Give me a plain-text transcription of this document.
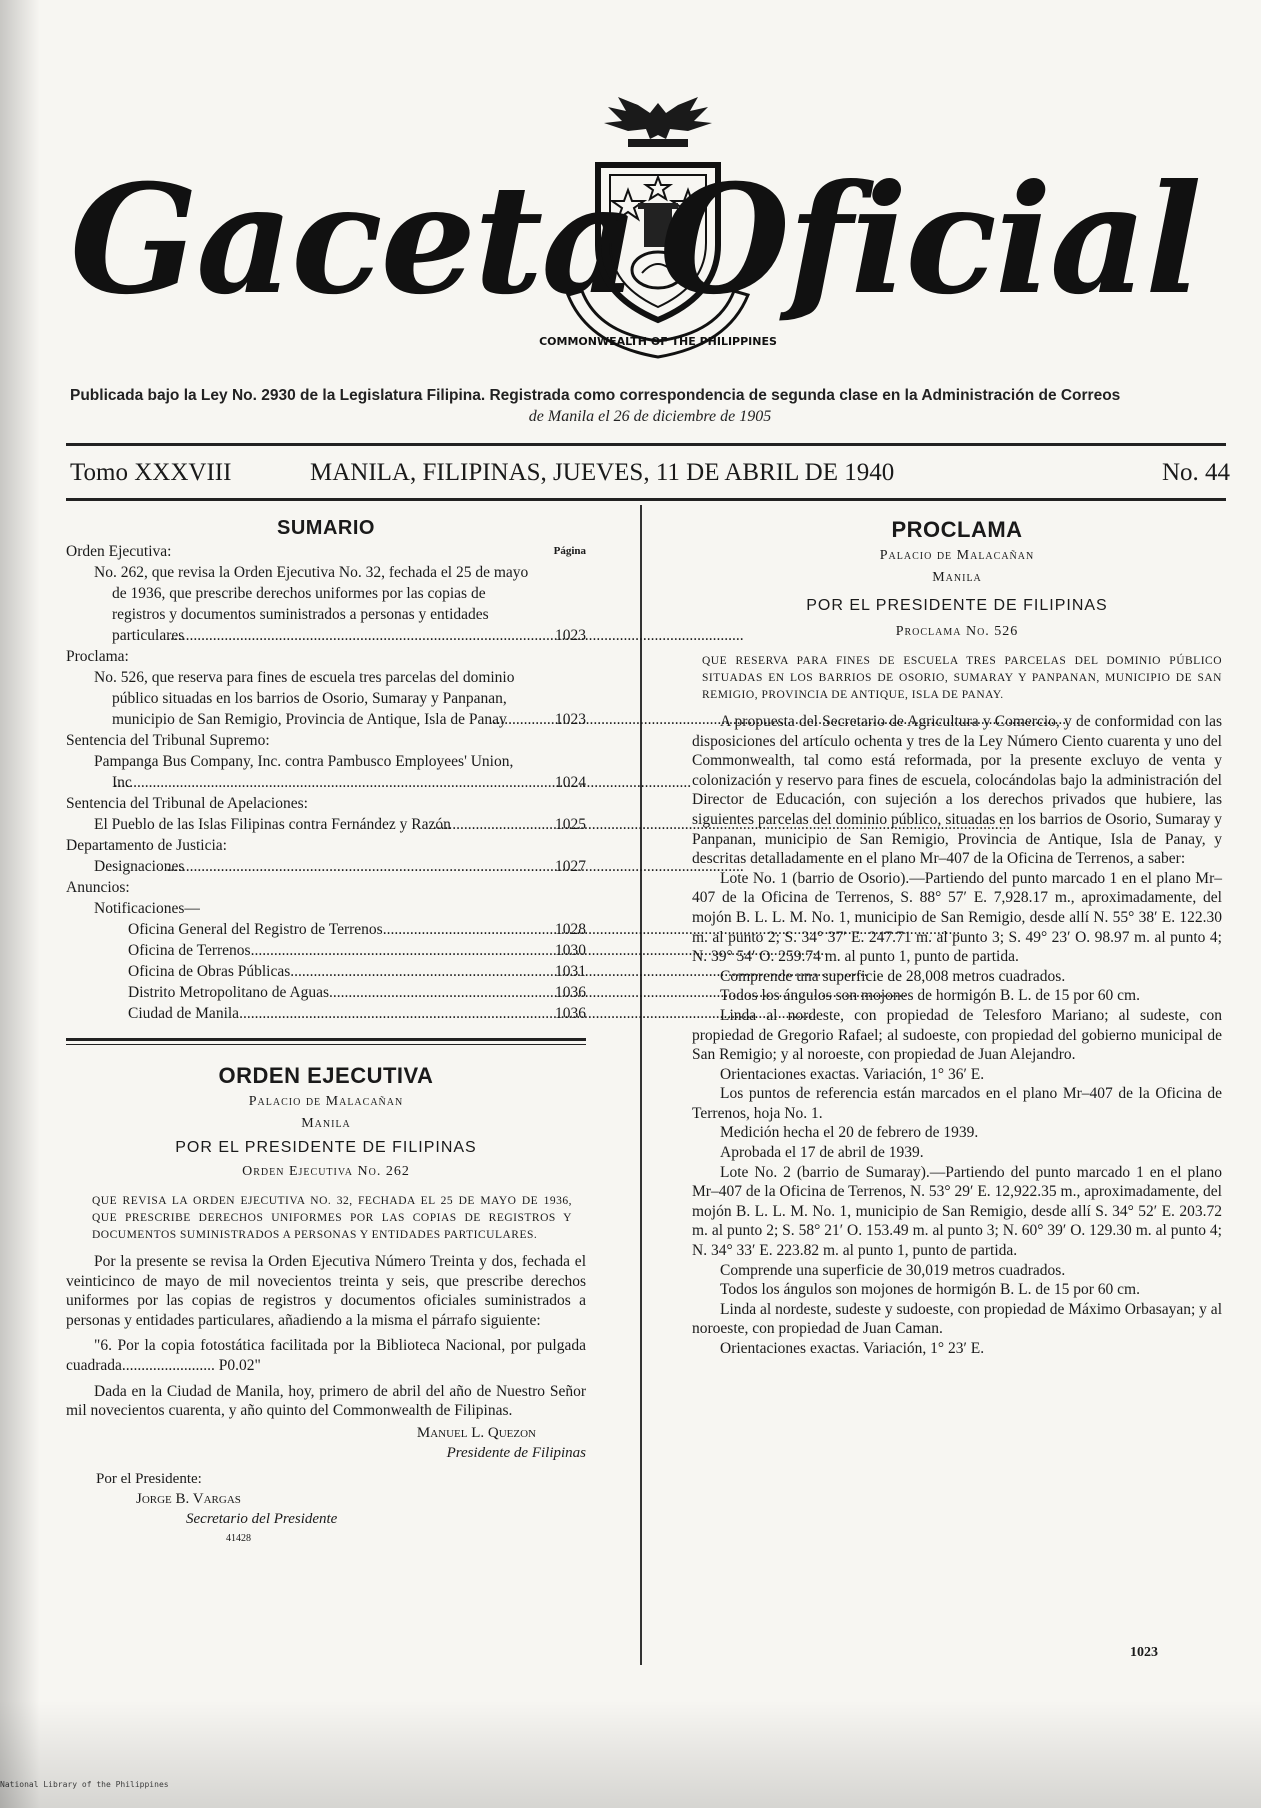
Gaceta
COMMONWEALTH OF THE PHILIPPINES
Oficial
Publicada bajo la Ley No. 2930 de la Legislatura Filipina. Registrada como correspondencia de segunda clase en la Administración de Correos
de Manila el 26 de diciembre de 1905
Tomo XXXVIII	MANILA, FILIPINAS, JUEVES, 11 DE ABRIL DE 1940	No. 44
SUMARIO
Orden Ejecutiva:	Página
No. 262, que revisa la Orden Ejecutiva No. 32, fechada el 25 de mayo de 1936, que prescribe derechos uniformes por las copias de registros y documentos suministrados a personas y entidades particulares .....	1023
Proclama:
No. 526, que reserva para fines de escuela tres parcelas del dominio público situadas en los barrios de Osorio, Sumaray y Panpanan, municipio de San Remigio, Provincia de Antique, Isla de Panay .....	1023
Sentencia del Tribunal Supremo:
Pampanga Bus Company, Inc. contra Pambusco Employees' Union, Inc .....	1024
Sentencia del Tribunal de Apelaciones:
El Pueblo de las Islas Filipinas contra Fernández y Razón .....	1025
Departamento de Justicia:
Designaciones .....	1027
Anuncios:
Notificaciones—
Oficina General del Registro de Terrenos .....	1028
Oficina de Terrenos .....	1030
Oficina de Obras Públicas .....	1031
Distrito Metropolitano de Aguas .....	1036
Ciudad de Manila .....	1036
ORDEN EJECUTIVA
Palacio de Malacañan
Manila
POR EL PRESIDENTE DE FILIPINAS
Orden Ejecutiva No. 262
QUE REVISA LA ORDEN EJECUTIVA NO. 32, FECHADA EL 25 DE MAYO DE 1936, QUE PRESCRIBE DERECHOS UNIFORMES POR LAS COPIAS DE REGISTROS Y DOCUMENTOS SUMINISTRADOS A PERSONAS Y ENTIDADES PARTICULARES.

Por la presente se revisa la Orden Ejecutiva Número Treinta y dos, fechada el veinticinco de mayo de mil novecientos treinta y seis, que prescribe derechos uniformes por las copias de registros y documentos oficiales suministrados a personas y entidades particulares, añadiendo a la misma el párrafo siguiente:

"6. Por la copia fotostática facilitada por la Biblioteca Nacional, por pulgada cuadrada........................ P0.02"

Dada en la Ciudad de Manila, hoy, primero de abril del año de Nuestro Señor mil novecientos cuarenta, y año quinto del Commonwealth de Filipinas.

Manuel L. Quezon
Presidente de Filipinas
Por el Presidente:
Jorge B. Vargas
Secretario del Presidente
41428
PROCLAMA
Palacio de Malacañan
Manila
POR EL PRESIDENTE DE FILIPINAS
Proclama No. 526
QUE RESERVA PARA FINES DE ESCUELA TRES PARCELAS DEL DOMINIO PÚBLICO SITUADAS EN LOS BARRIOS DE OSORIO, SUMARAY Y PANPANAN, MUNICIPIO DE SAN REMIGIO, PROVINCIA DE ANTIQUE, ISLA DE PANAY.

A propuesta del Secretario de Agricultura y Comercio, y de conformidad con las disposiciones del artículo ochenta y tres de la Ley Número Ciento cuarenta y uno del Commonwealth, tal como está reformada, por la presente excluyo de venta y colonización y reservo para fines de escuela, colocándolas bajo la administración del Director de Educación, con sujeción a los derechos privados que hubiere, las siguientes parcelas del dominio público, situadas en los barrios de Osorio, Sumaray y Panpanan, municipio de San Remigio, Provincia de Antique, Isla de Panay, y descritas detalladamente en el plano Mr–407 de la Oficina de Terrenos, a saber:

Lote No. 1 (barrio de Osorio).—Partiendo del punto marcado 1 en el plano Mr–407 de la Oficina de Terrenos, S. 88° 57′ E. 7,928.17 m., aproximadamente, del mojón B. L. L. M. No. 1, municipio de San Remigio, desde allí N. 55° 38′ E. 122.30 m. al punto 2; S. 34° 37′ E. 247.71 m. al punto 3; S. 49° 23′ O. 98.97 m. al punto 4; N. 39° 54′ O. 259.74 m. al punto 1, punto de partida.

Comprende una superficie de 28,008 metros cuadrados.

Todos los ángulos son mojones de hormigón B. L. de 15 por 60 cm.

Linda al nordeste, con propiedad de Telesforo Mariano; al sudeste, con propiedad de Gregorio Rafael; al sudoeste, con propiedad del gobierno municipal de San Remigio; y al noroeste, con propiedad de Juan Alejandro.

Orientaciones exactas. Variación, 1° 36′ E.

Los puntos de referencia están marcados en el plano Mr–407 de la Oficina de Terrenos, hoja No. 1.

Medición hecha el 20 de febrero de 1939.

Aprobada el 17 de abril de 1939.

Lote No. 2 (barrio de Sumaray).—Partiendo del punto marcado 1 en el plano Mr–407 de la Oficina de Terrenos, N. 53° 29′ E. 12,922.35 m., aproximadamente, del mojón B. L. L. M. No. 1, municipio de San Remigio, desde allí S. 34° 52′ E. 203.72 m. al punto 2; S. 58° 21′ O. 153.49 m. al punto 3; N. 60° 39′ O. 129.30 m. al punto 4; N. 34° 33′ E. 223.82 m. al punto 1, punto de partida.

Comprende una superficie de 30,019 metros cuadrados.

Todos los ángulos son mojones de hormigón B. L. de 15 por 60 cm.

Linda al nordeste, sudeste y sudoeste, con propiedad de Máximo Orbasayan; y al noroeste, con propiedad de Juan Caman.

Orientaciones exactas. Variación, 1° 23′ E.

1023
National Library of the Philippines
